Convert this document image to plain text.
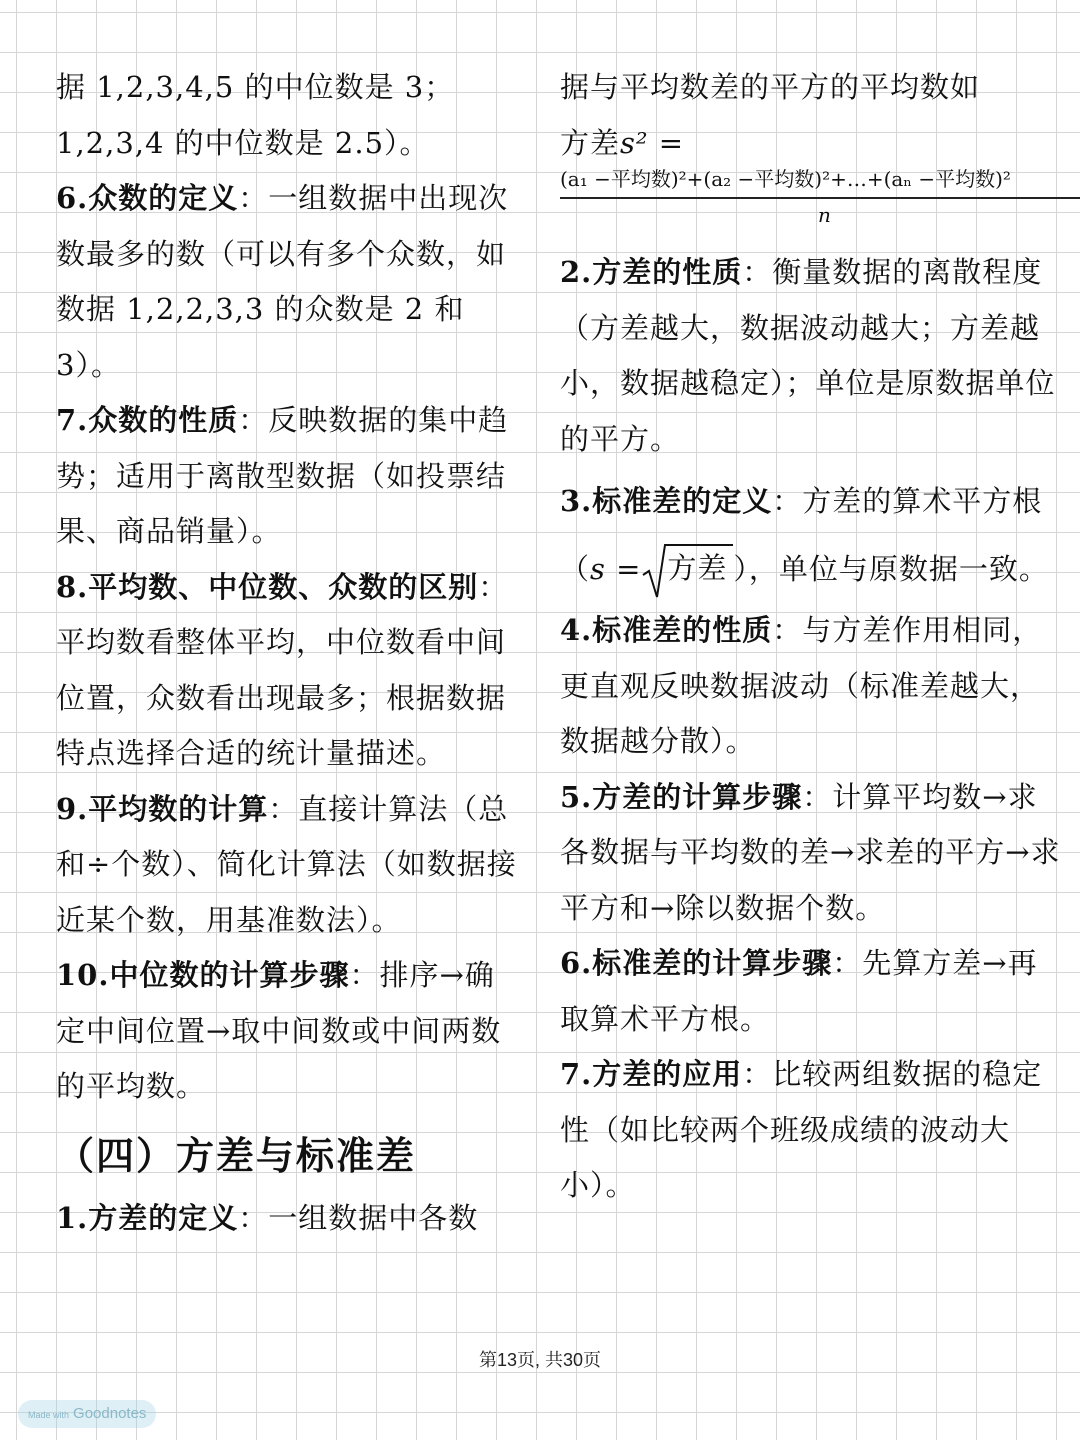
据 1,2,3,4,5 的中位数是 3；1,2,3,4 的中位数是 2.5）。

6.众数的定义：一组数据中出现次数最多的数（可以有多个众数，如数据 1,2,2,3,3 的众数是 2 和 3）。

7.众数的性质：反映数据的集中趋势；适用于离散型数据（如投票结果、商品销量）。

8.平均数、中位数、众数的区别：平均数看整体平均，中位数看中间位置，众数看出现最多；根据数据特点选择合适的统计量描述。

9.平均数的计算：直接计算法（总和÷个数）、简化计算法（如数据接近某个数，用基准数法）。

10.中位数的计算步骤：排序→确定中间位置→取中间数或中间两数的平均数。

（四）方差与标准差

1.方差的定义：一组数据中各数

据与平均数差的平方的平均数如

方差s² =

(a₁ −平均数)²+(a₂ −平均数)²+…+(aₙ −平均数)²
n

2.方差的性质：衡量数据的离散程度（方差越大，数据波动越大；方差越小，数据越稳定）；单位是原数据单位的平方。

3.标准差的定义：方差的算术平方根（s = 方差 ），单位与原数据一致。

4.标准差的性质：与方差作用相同，更直观反映数据波动（标准差越大，数据越分散）。

5.方差的计算步骤：计算平均数→求各数据与平均数的差→求差的平方→求平方和→除以数据个数。

6.标准差的计算步骤：先算方差→再取算术平方根。

7.方差的应用：比较两组数据的稳定性（如比较两个班级成绩的波动大小）。

第13页, 共30页
Made with Goodnotes
